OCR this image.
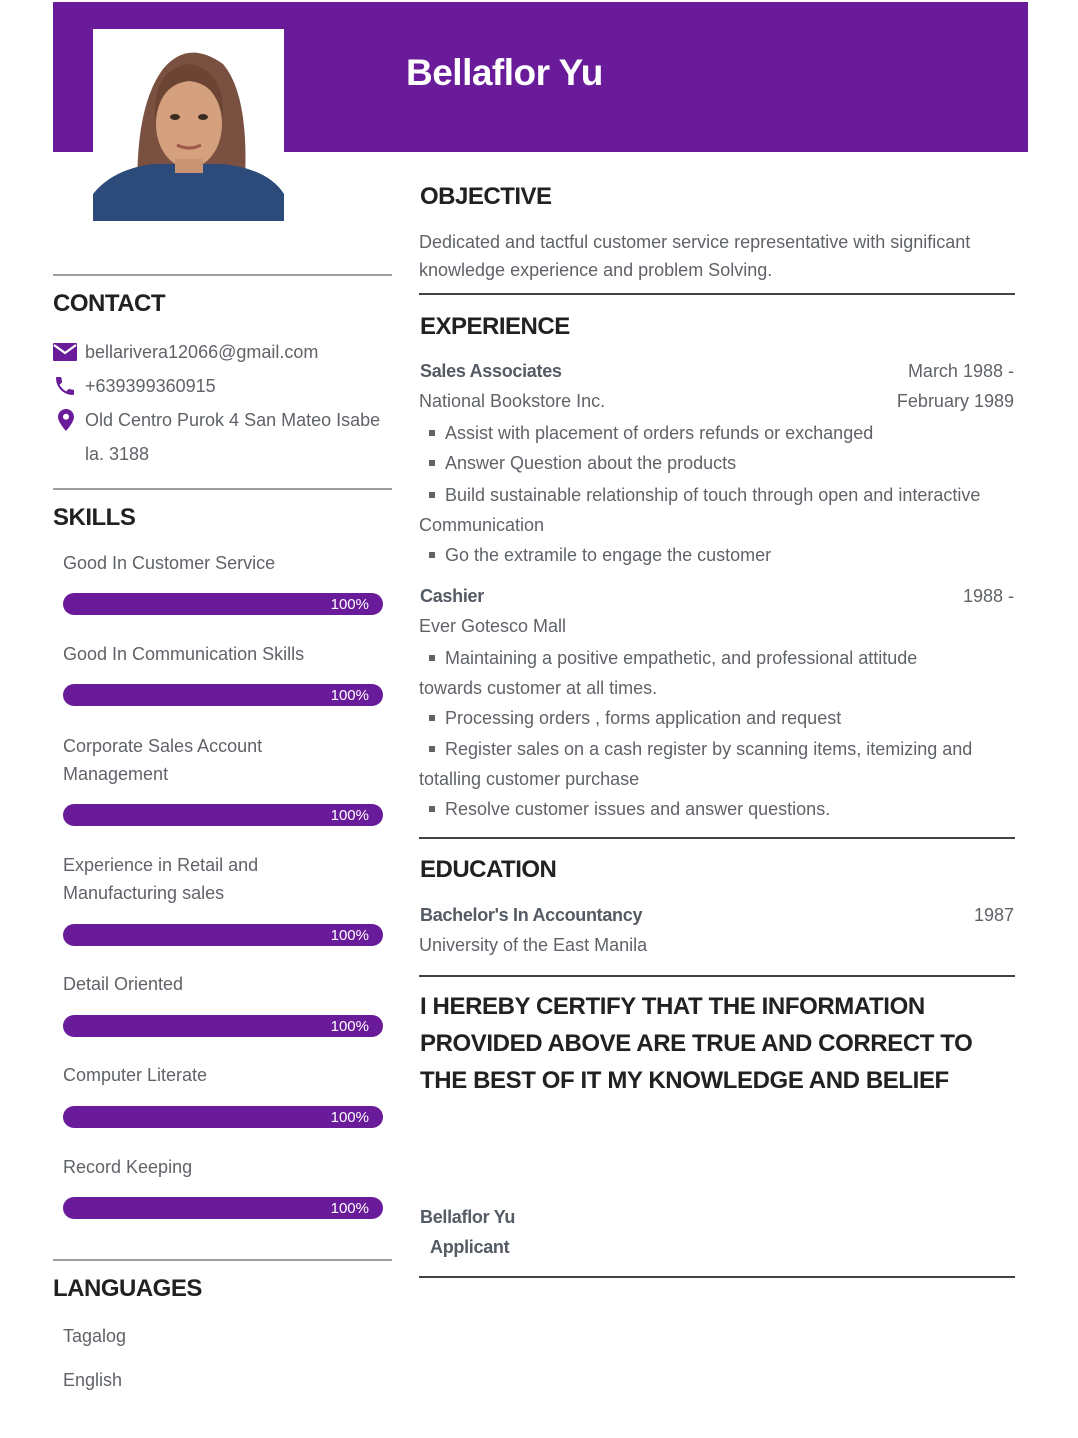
Bellaflor Yu
CONTACT
bellarivera12066@gmail.com
+639399360915
Old Centro Purok 4 San Mateo Isabe la. 3188
SKILLS
Good In Customer Service
100%
Good In Communication Skills
100%
Corporate Sales Account Management
100%
Experience in Retail and Manufacturing sales
100%
Detail Oriented
100%
Computer Literate
100%
Record Keeping
100%
LANGUAGES
Tagalog
English
OBJECTIVE
Dedicated and tactful customer service representative with significant knowledge experience and problem Solving.
EXPERIENCE
Sales Associates	March 1988 -
National Bookstore Inc.	February 1989
Assist with placement of orders refunds or exchanged
Answer Question about the products
Build sustainable relationship of touch through open and interactive
Communication
Go the extramile to engage the customer
Cashier	1988 -
Ever Gotesco Mall
Maintaining a positive empathetic, and professional attitude
towards customer at all times.
Processing orders , forms application and request
Register sales on a cash register by scanning items, itemizing and
totalling customer purchase
Resolve customer issues and answer questions.
EDUCATION
Bachelor's In Accountancy	1987
University of the East Manila
I HEREBY CERTIFY THAT THE INFORMATION PROVIDED ABOVE ARE TRUE AND CORRECT TO THE BEST OF IT MY KNOWLEDGE AND BELIEF
Bellaflor Yu
Applicant
